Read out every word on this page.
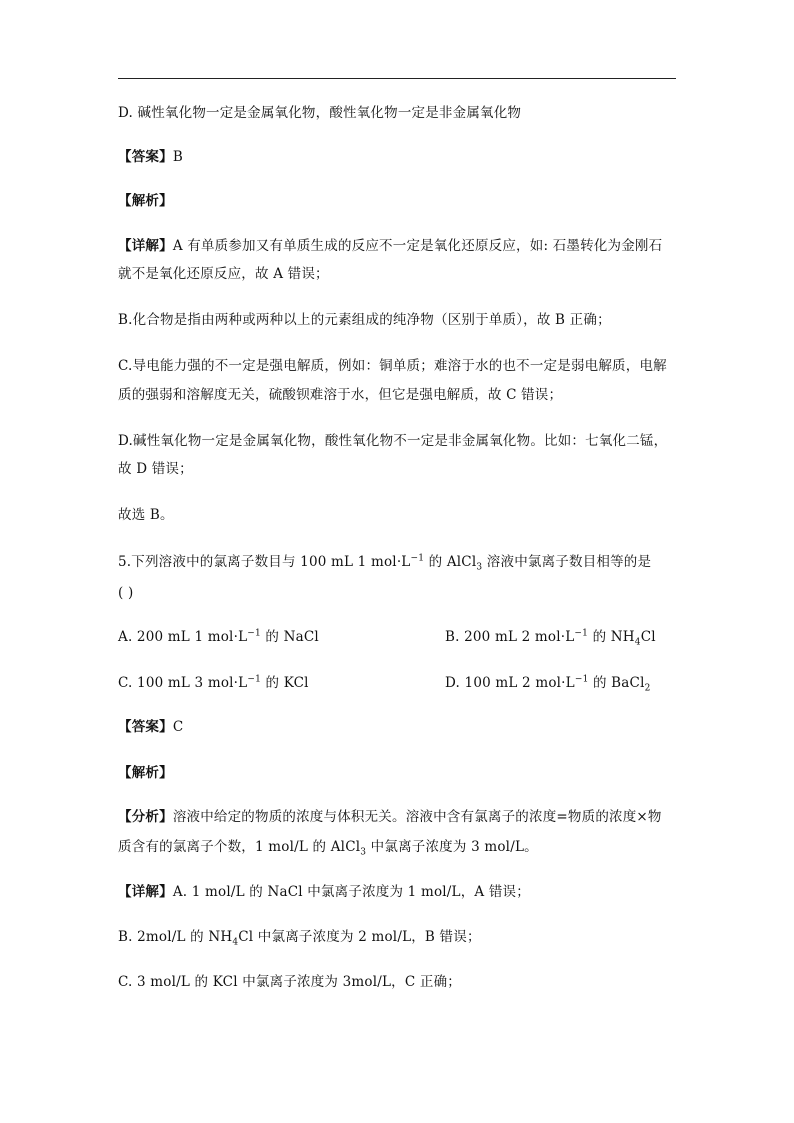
D. 碱性氧化物一定是金属氧化物，酸性氧化物一定是非金属氧化物
【答案】B
【解析】
【详解】A 有单质参加又有单质生成的反应不一定是氧化还原反应，如: 石墨转化为金刚石
就不是氧化还原反应，故 A 错误；
B.化合物是指由两种或两种以上的元素组成的纯净物（区别于单质），故 B 正确；
C.导电能力强的不一定是强电解质，例如：铜单质；难溶于水的也不一定是弱电解质，电解
质的强弱和溶解度无关，硫酸钡难溶于水，但它是强电解质，故 C 错误；
D.碱性氧化物一定是金属氧化物，酸性氧化物不一定是非金属氧化物。比如：七氧化二锰，
故 D 错误；
故选 B。
5.下列溶液中的氯离子数目与 100 mL 1 $mol\cdot L^{-1}$ 的 AlCl$_3$ 溶液中氯离子数目相等的是
( )
A. 200 mL 1 $mol\cdot L^{-1}$ 的 NaCl	B. 200 mL 2 $mol\cdot L^{-1}$ 的 $NH_4Cl$
C. 100 mL 3 $mol\cdot L^{-1}$ 的 KCl	D. 100 mL 2 $mol\cdot L^{-1}$ 的 BaCl$_2$
【答案】C
【解析】
【分析】溶液中给定的物质的浓度与体积无关。溶液中含有氯离子的浓度=物质的浓度×物
质含有的氯离子个数，1 mol/L 的 AlCl$_3$ 中氯离子浓度为 3 mol/L。
【详解】A. 1 mol/L 的 NaCl 中氯离子浓度为 1 mol/L，A 错误；
B. 2mol/L 的 $NH_4Cl$ 中氯离子浓度为 2 mol/L，B 错误；
C. 3 mol/L 的 KCl 中氯离子浓度为 3mol/L，C 正确；
